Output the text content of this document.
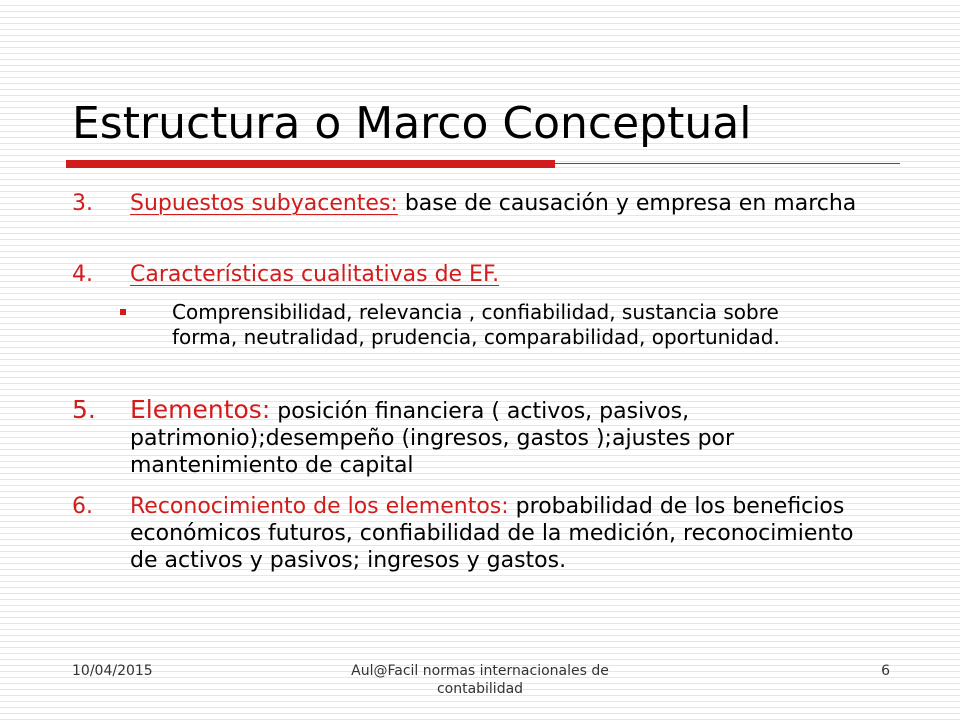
Estructura o Marco Conceptual
3. Supuestos subyacentes: base de causación y empresa en marcha
4. Características cualitativas de EF.
Comprensibilidad, relevancia , confiabilidad, sustancia sobre forma, neutralidad, prudencia, comparabilidad, oportunidad.
5. Elementos: posición financiera ( activos, pasivos, patrimonio);desempeño (ingresos, gastos );ajustes por mantenimiento de capital
6. Reconocimiento de los elementos: probabilidad de los beneficios económicos futuros, confiabilidad de la medición, reconocimiento de activos y pasivos; ingresos y gastos.
10/04/2015	Aul@Facil normas internacionales de contabilidad
6
